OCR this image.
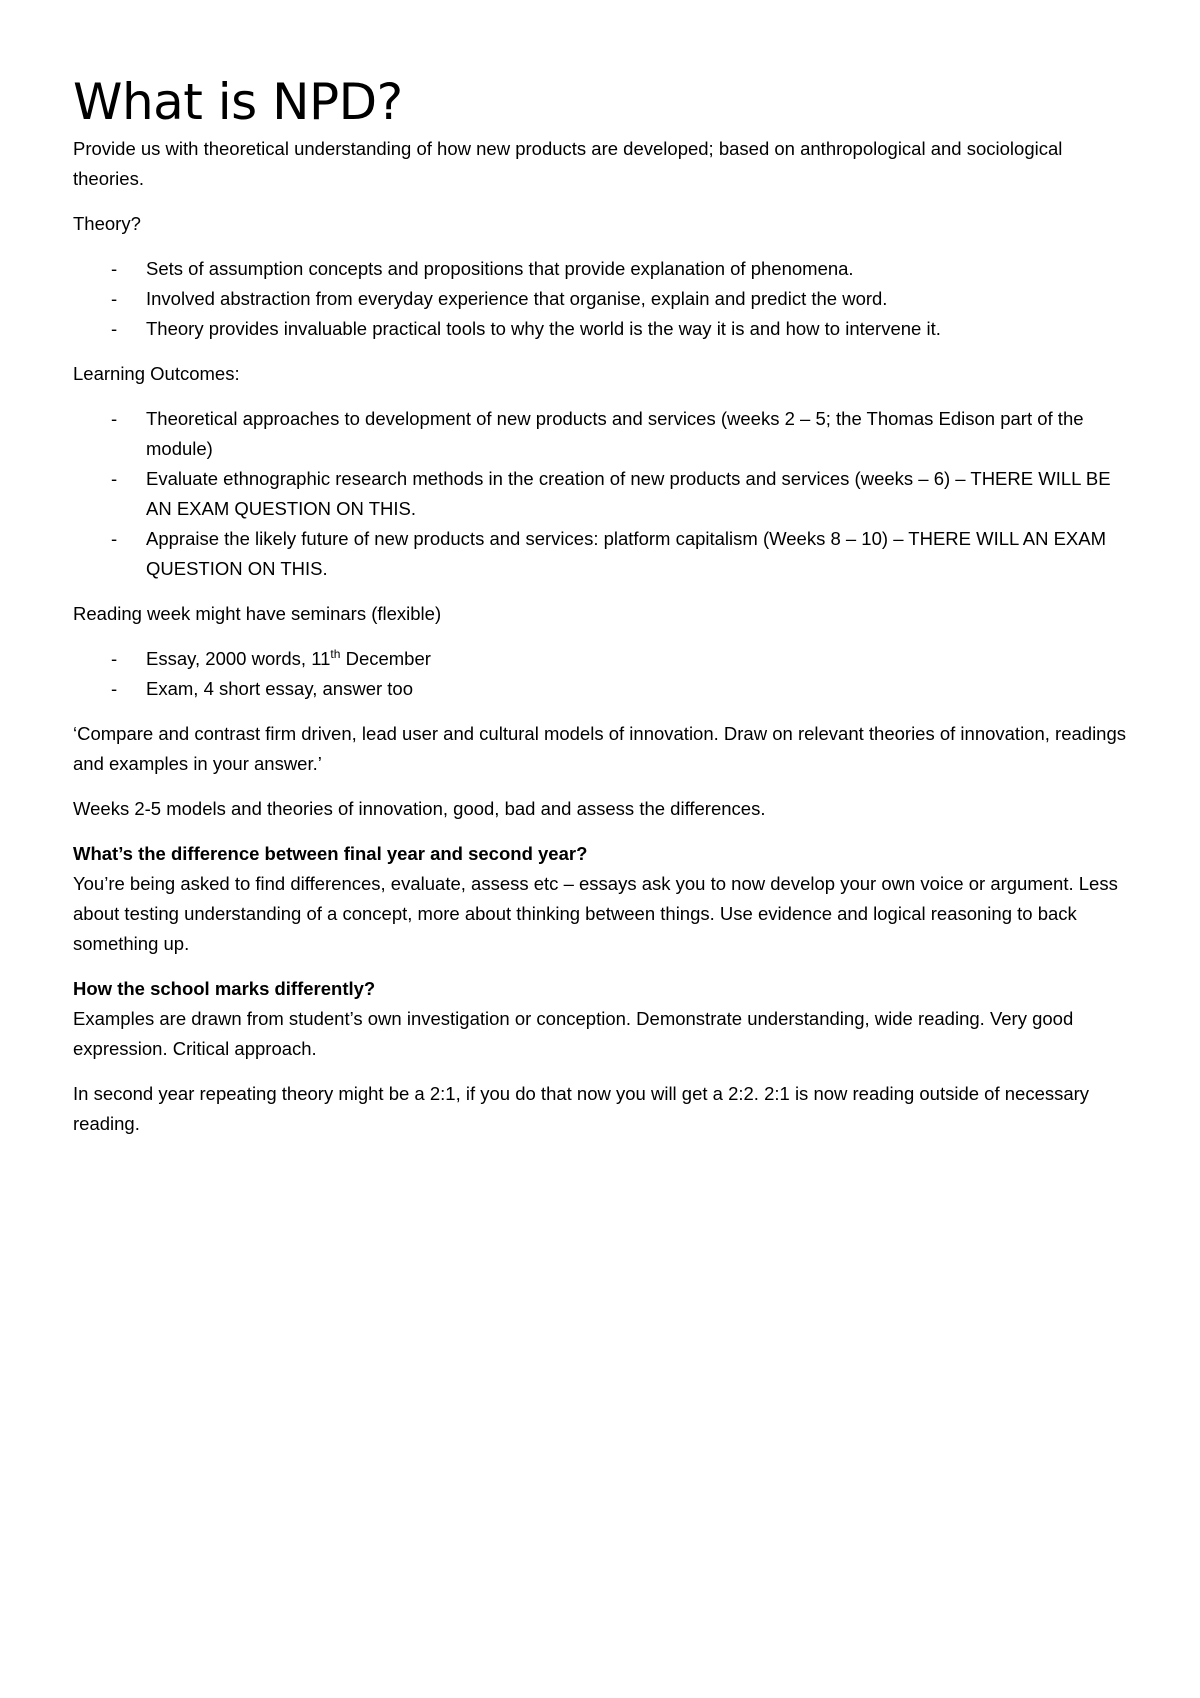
What is NPD?

Provide us with theoretical understanding of how new products are developed; based on anthropological and sociological theories.

Theory?

- Sets of assumption concepts and propositions that provide explanation of phenomena.
- Involved abstraction from everyday experience that organise, explain and predict the word.
- Theory provides invaluable practical tools to why the world is the way it is and how to intervene it.

Learning Outcomes:

- Theoretical approaches to development of new products and services (weeks 2 – 5; the Thomas Edison part of the module)
- Evaluate ethnographic research methods in the creation of new products and services (weeks – 6) – THERE WILL BE AN EXAM QUESTION ON THIS.
- Appraise the likely future of new products and services: platform capitalism (Weeks 8 – 10) – THERE WILL AN EXAM QUESTION ON THIS.

Reading week might have seminars (flexible)

- Essay, 2000 words, 11th December
- Exam, 4 short essay, answer too

‘Compare and contrast firm driven, lead user and cultural models of innovation. Draw on relevant theories of innovation, readings and examples in your answer.’

Weeks 2-5 models and theories of innovation, good, bad and assess the differences.

What’s the difference between final year and second year?

You’re being asked to find differences, evaluate, assess etc – essays ask you to now develop your own voice or argument. Less about testing understanding of a concept, more about thinking between things. Use evidence and logical reasoning to back something up.

How the school marks differently?

Examples are drawn from student’s own investigation or conception. Demonstrate understanding, wide reading. Very good expression. Critical approach.

In second year repeating theory might be a 2:1, if you do that now you will get a 2:2. 2:1 is now reading outside of necessary reading.
